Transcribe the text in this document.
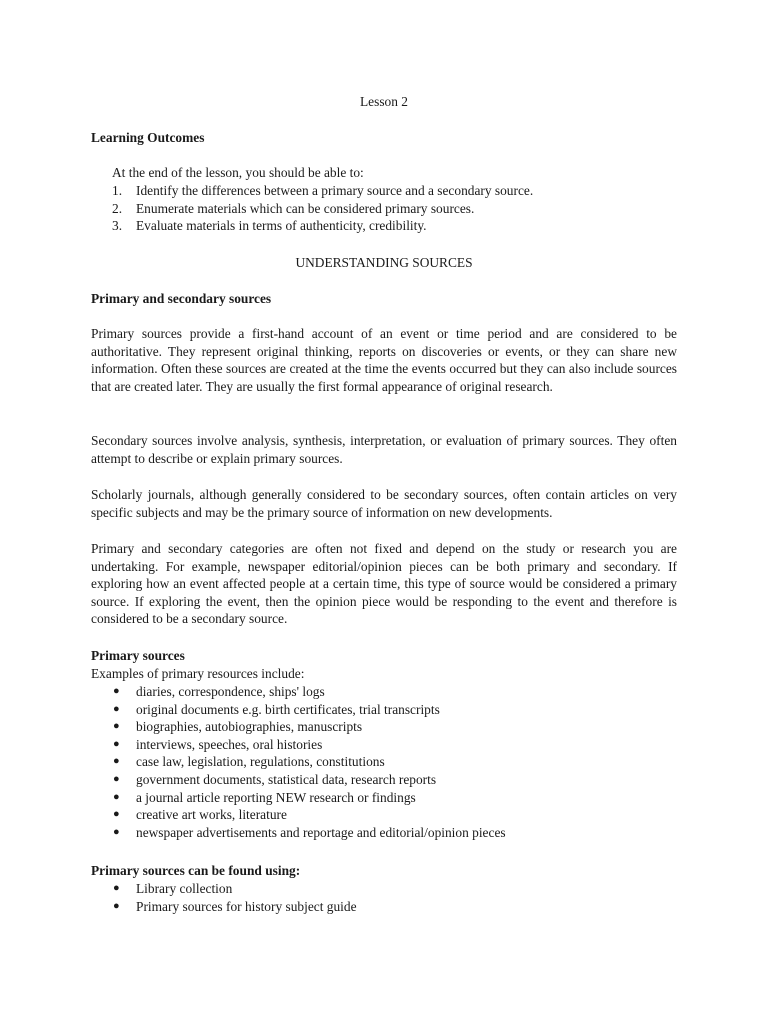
Lesson 2
Learning Outcomes
At the end of the lesson, you should be able to:
1. Identify the differences between a primary source and a secondary source.
2. Enumerate materials which can be considered primary sources.
3. Evaluate materials in terms of authenticity, credibility.
UNDERSTANDING SOURCES
Primary and secondary sources
Primary sources provide a first-hand account of an event or time period and are considered to be authoritative. They represent original thinking, reports on discoveries or events, or they can share new information. Often these sources are created at the time the events occurred but they can also include sources that are created later. They are usually the first formal appearance of original research.
Secondary sources involve analysis, synthesis, interpretation, or evaluation of primary sources. They often attempt to describe or explain primary sources.
Scholarly journals, although generally considered to be secondary sources, often contain articles on very specific subjects and may be the primary source of information on new developments.
Primary and secondary categories are often not fixed and depend on the study or research you are undertaking. For example, newspaper editorial/opinion pieces can be both primary and secondary. If exploring how an event affected people at a certain time, this type of source would be considered a primary source. If exploring the event, then the opinion piece would be responding to the event and therefore is considered to be a secondary source.
Primary sources
Examples of primary resources include:
● diaries, correspondence, ships' logs
● original documents e.g. birth certificates, trial transcripts
● biographies, autobiographies, manuscripts
● interviews, speeches, oral histories
● case law, legislation, regulations, constitutions
● government documents, statistical data, research reports
● a journal article reporting NEW research or findings
● creative art works, literature
● newspaper advertisements and reportage and editorial/opinion pieces
Primary sources can be found using:
● Library collection
● Primary sources for history subject guide
